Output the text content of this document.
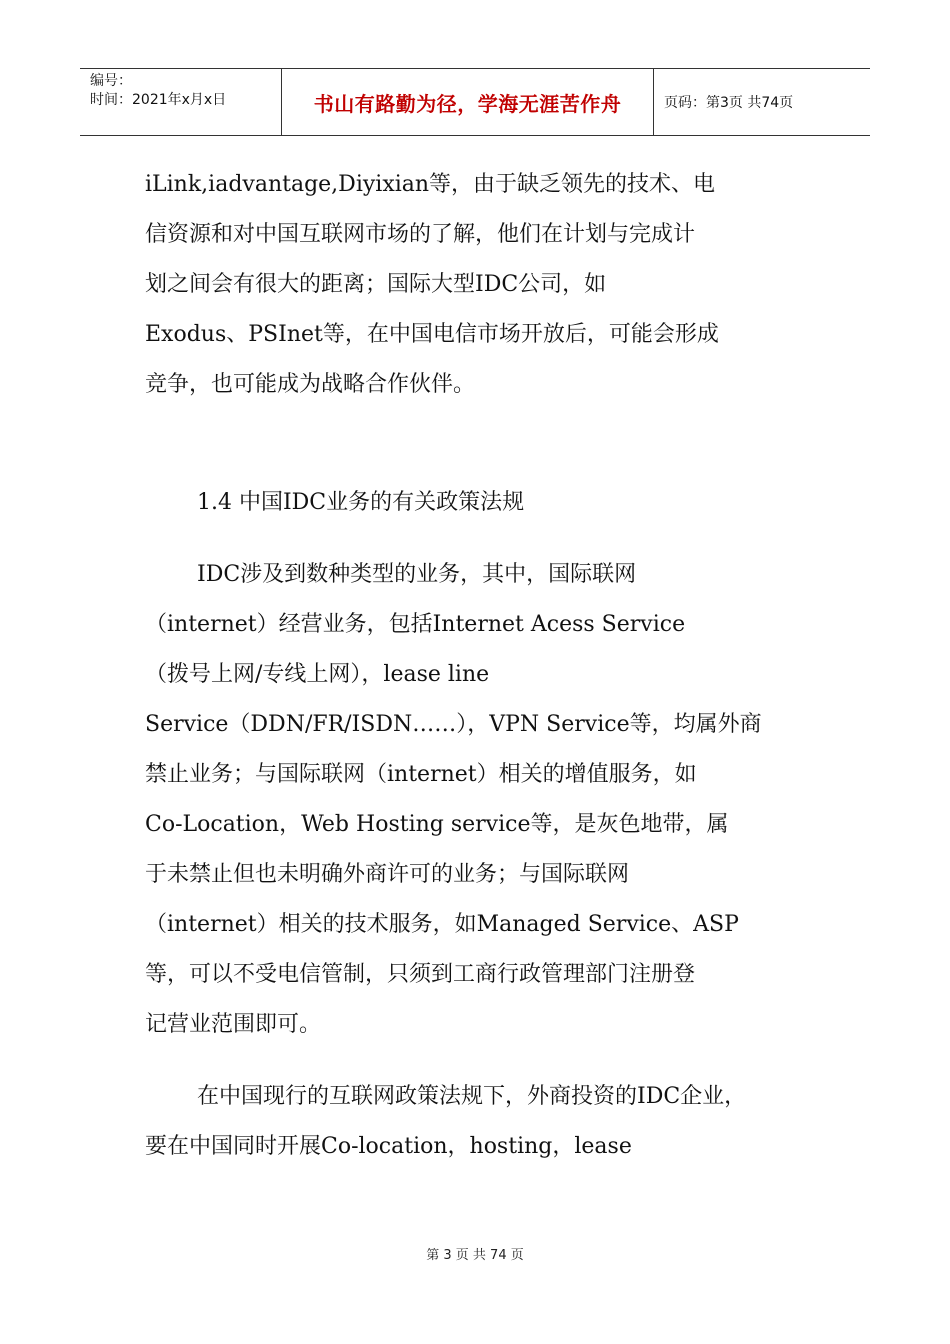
编号：
时间：2021年x月x日	书山有路勤为径，学海无涯苦作舟	页码：第3页 共74页

iLink,iadvantage,Diyixian等，由于缺乏领先的技术、电

信资源和对中国互联网市场的了解，他们在计划与完成计

划之间会有很大的距离；国际大型IDC公司，如

Exodus、PSInet等，在中国电信市场开放后，可能会形成

竞争，也可能成为战略合作伙伴。

1.4 中国IDC业务的有关政策法规

IDC涉及到数种类型的业务，其中，国际联网

（internet）经营业务，包括Internet Acess Service

（拨号上网/专线上网），lease line

Service（DDN/FR/ISDN……），VPN Service等，均属外商

禁止业务；与国际联网（internet）相关的增值服务，如

Co-Location，Web Hosting service等，是灰色地带，属

于未禁止但也未明确外商许可的业务；与国际联网

（internet）相关的技术服务，如Managed Service、ASP

等，可以不受电信管制，只须到工商行政管理部门注册登

记营业范围即可。

在中国现行的互联网政策法规下，外商投资的IDC企业，

要在中国同时开展Co-location，hosting，lease

第 3 页 共 74 页
